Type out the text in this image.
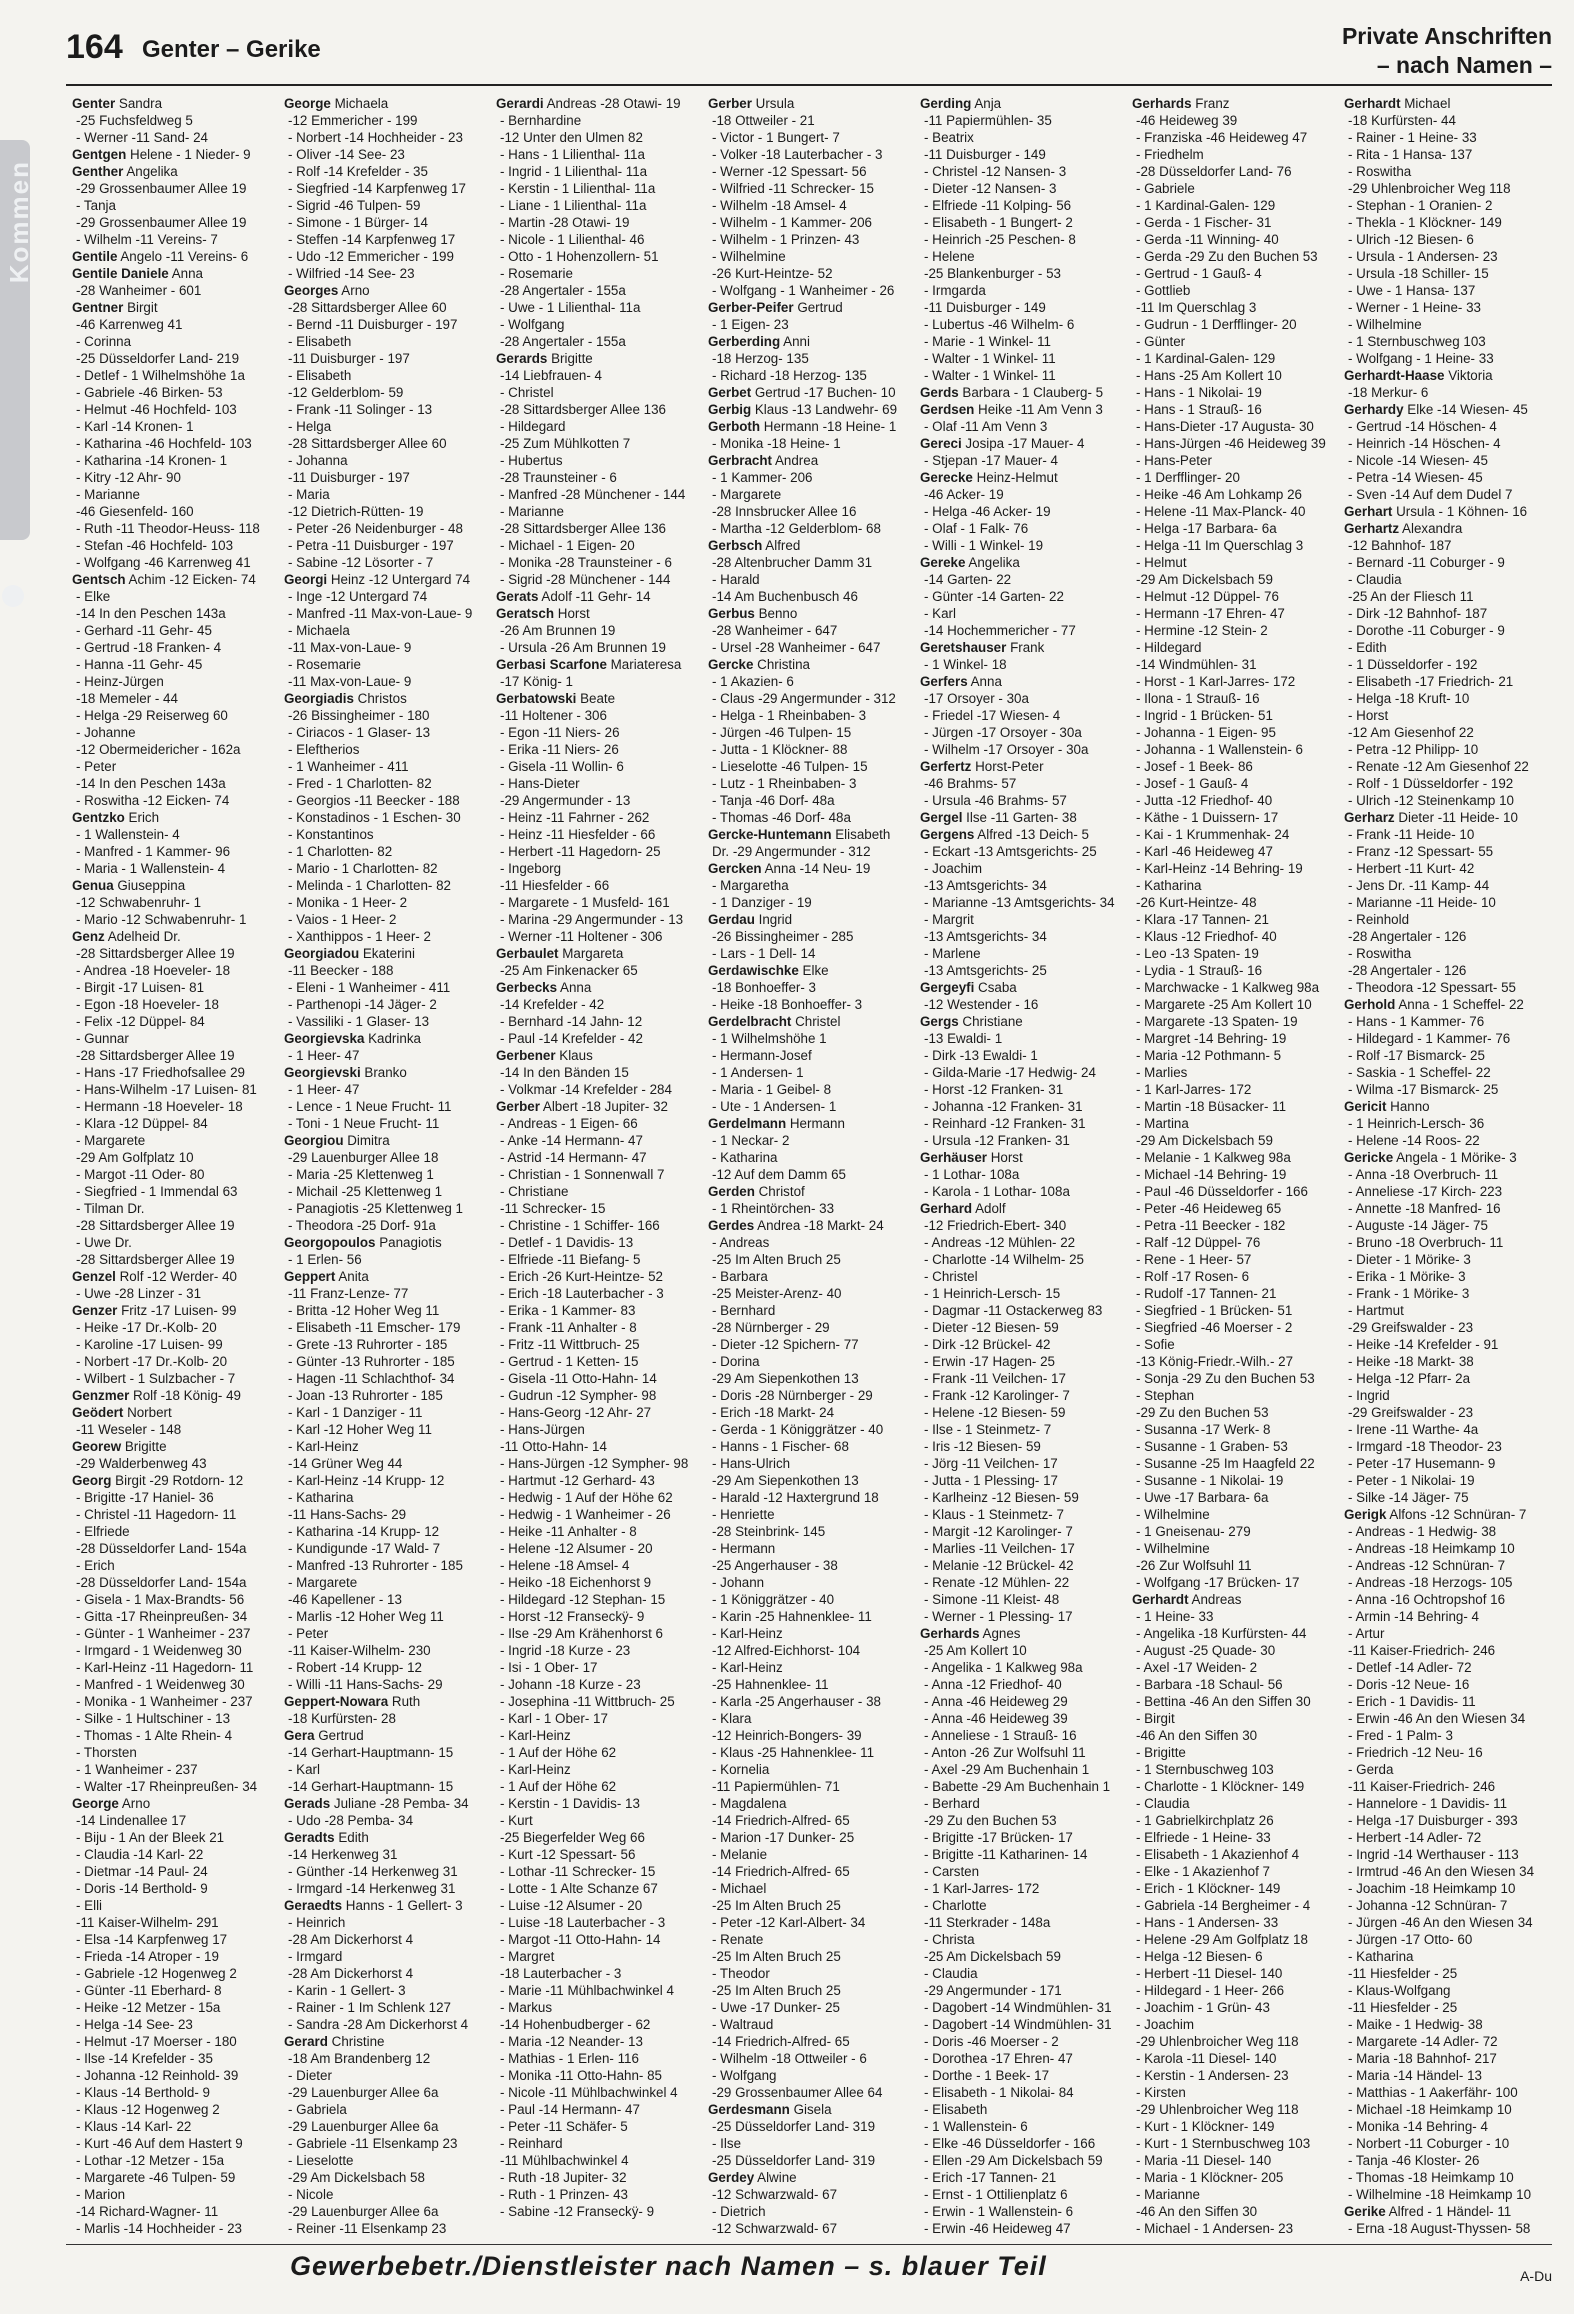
164 Genter – Gerike	Private Anschriften
– nach Namen –
Kommen
Genter Sandra
-25 Fuchsfeldweg 5
- Werner -11 Sand- 24
Gentgen Helene - 1 Nieder- 9
Genther Angelika
-29 Grossenbaumer Allee 19
- Tanja
-29 Grossenbaumer Allee 19
- Wilhelm -11 Vereins- 7
Gentile Angelo -11 Vereins- 6
Gentile Daniele Anna
-28 Wanheimer - 601
Gentner Birgit
-46 Karrenweg 41
- Corinna
-25 Düsseldorfer Land- 219
- Detlef - 1 Wilhelmshöhe 1a
- Gabriele -46 Birken- 53
- Helmut -46 Hochfeld- 103
- Karl -14 Kronen- 1
- Katharina -46 Hochfeld- 103
- Katharina -14 Kronen- 1
- Kitry -12 Ahr- 90
- Marianne
-46 Giesenfeld- 160
- Ruth -11 Theodor-Heuss- 118
- Stefan -46 Hochfeld- 103
- Wolfgang -46 Karrenweg 41
Gentsch Achim -12 Eicken- 74
- Elke
-14 In den Peschen 143a
- Gerhard -11 Gehr- 45
- Gertrud -18 Franken- 4
- Hanna -11 Gehr- 45
- Heinz-Jürgen
-18 Memeler - 44
- Helga -29 Reiserweg 60
- Johanne
-12 Obermeidericher - 162a
- Peter
-14 In den Peschen 143a
- Roswitha -12 Eicken- 74
Gentzko Erich
- 1 Wallenstein- 4
- Manfred - 1 Kammer- 96
- Maria - 1 Wallenstein- 4
Genua Giuseppina
-12 Schwabenruhr- 1
- Mario -12 Schwabenruhr- 1
Genz Adelheid Dr.
-28 Sittardsberger Allee 19
- Andrea -18 Hoeveler- 18
- Birgit -17 Luisen- 81
- Egon -18 Hoeveler- 18
- Felix -12 Düppel- 84
- Gunnar
-28 Sittardsberger Allee 19
- Hans -17 Friedhofsallee 29
- Hans-Wilhelm -17 Luisen- 81
- Hermann -18 Hoeveler- 18
- Klara -12 Düppel- 84
- Margarete
-29 Am Golfplatz 10
- Margot -11 Oder- 80
- Siegfried - 1 Immendal 63
- Tilman Dr.
-28 Sittardsberger Allee 19
- Uwe Dr.
-28 Sittardsberger Allee 19
Genzel Rolf -12 Werder- 40
- Uwe -28 Linzer - 31
Genzer Fritz -17 Luisen- 99
- Heike -17 Dr.-Kolb- 20
- Karoline -17 Luisen- 99
- Norbert -17 Dr.-Kolb- 20
- Wilbert - 1 Sulzbacher - 7
Genzmer Rolf -18 König- 49
Geödert Norbert
-11 Weseler - 148
Georew Brigitte
-29 Walderbenweg 43
Georg Birgit -29 Rotdorn- 12
- Brigitte -17 Haniel- 36
- Christel -11 Hagedorn- 11
- Elfriede
-28 Düsseldorfer Land- 154a
- Erich
-28 Düsseldorfer Land- 154a
- Gisela - 1 Max-Brandts- 56
- Gitta -17 Rheinpreußen- 34
- Günter - 1 Wanheimer - 237
- Irmgard - 1 Weidenweg 30
- Karl-Heinz -11 Hagedorn- 11
- Manfred - 1 Weidenweg 30
- Monika - 1 Wanheimer - 237
- Silke - 1 Hultschiner - 13
- Thomas - 1 Alte Rhein- 4
- Thorsten
- 1 Wanheimer - 237
- Walter -17 Rheinpreußen- 34
George Arno
-14 Lindenallee 17
- Biju - 1 An der Bleek 21
- Claudia -14 Karl- 22
- Dietmar -14 Paul- 24
- Doris -14 Berthold- 9
- Elli
-11 Kaiser-Wilhelm- 291
- Elsa -14 Karpfenweg 17
- Frieda -14 Atroper - 19
- Gabriele -12 Hogenweg 2
- Günter -11 Eberhard- 8
- Heike -12 Metzer - 15a
- Helga -14 See- 23
- Helmut -17 Moerser - 180
- Ilse -14 Krefelder - 35
- Johanna -12 Reinhold- 39
- Klaus -14 Berthold- 9
- Klaus -12 Hogenweg 2
- Klaus -14 Karl- 22
- Kurt -46 Auf dem Hastert 9
- Lothar -12 Metzer - 15a
- Margarete -46 Tulpen- 59
- Marion
-14 Richard-Wagner- 11
- Marlis -14 Hochheider - 23
George Michaela
-12 Emmericher - 199
- Norbert -14 Hochheider - 23
- Oliver -14 See- 23
- Rolf -14 Krefelder - 35
- Siegfried -14 Karpfenweg 17
- Sigrid -46 Tulpen- 59
- Simone - 1 Bürger- 14
- Steffen -14 Karpfenweg 17
- Udo -12 Emmericher - 199
- Wilfried -14 See- 23
Georges Arno
-28 Sittardsberger Allee 60
- Bernd -11 Duisburger - 197
- Elisabeth
-11 Duisburger - 197
- Elisabeth
-12 Gelderblom- 59
- Frank -11 Solinger - 13
- Helga
-28 Sittardsberger Allee 60
- Johanna
-11 Duisburger - 197
- Maria
-12 Dietrich-Rütten- 19
- Peter -26 Neidenburger - 48
- Petra -11 Duisburger - 197
- Sabine -12 Lösorter - 7
Georgi Heinz -12 Untergard 74
- Inge -12 Untergard 74
- Manfred -11 Max-von-Laue- 9
- Michaela
-11 Max-von-Laue- 9
- Rosemarie
-11 Max-von-Laue- 9
Georgiadis Christos
-26 Bissingheimer - 180
- Ciriacos - 1 Glaser- 13
- Eleftherios
- 1 Wanheimer - 411
- Fred - 1 Charlotten- 82
- Georgios -11 Beecker - 188
- Konstadinos - 1 Eschen- 30
- Konstantinos
- 1 Charlotten- 82
- Mario - 1 Charlotten- 82
- Melinda - 1 Charlotten- 82
- Monika - 1 Heer- 2
- Vaios - 1 Heer- 2
- Xanthippos - 1 Heer- 2
Georgiadou Ekaterini
-11 Beecker - 188
- Eleni - 1 Wanheimer - 411
- Parthenopi -14 Jäger- 2
- Vassiliki - 1 Glaser- 13
Georgievska Kadrinka
- 1 Heer- 47
Georgievski Branko
- 1 Heer- 47
- Lence - 1 Neue Frucht- 11
- Toni - 1 Neue Frucht- 11
Georgiou Dimitra
-29 Lauenburger Allee 18
- Maria -25 Klettenweg 1
- Michail -25 Klettenweg 1
- Panagiotis -25 Klettenweg 1
- Theodora -25 Dorf- 91a
Georgopoulos Panagiotis
- 1 Erlen- 56
Geppert Anita
-11 Franz-Lenze- 77
- Britta -12 Hoher Weg 11
- Elisabeth -11 Emscher- 179
- Grete -13 Ruhrorter - 185
- Günter -13 Ruhrorter - 185
- Hagen -11 Schlachthof- 34
- Joan -13 Ruhrorter - 185
- Karl - 1 Danziger - 11
- Karl -12 Hoher Weg 11
- Karl-Heinz
-14 Grüner Weg 44
- Karl-Heinz -14 Krupp- 12
- Katharina
-11 Hans-Sachs- 29
- Katharina -14 Krupp- 12
- Kundigunde -17 Wald- 7
- Manfred -13 Ruhrorter - 185
- Margarete
-46 Kapellener - 13
- Marlis -12 Hoher Weg 11
- Peter
-11 Kaiser-Wilhelm- 230
- Robert -14 Krupp- 12
- Willi -11 Hans-Sachs- 29
Geppert-Nowara Ruth
-18 Kurfürsten- 28
Gera Gertrud
-14 Gerhart-Hauptmann- 15
- Karl
-14 Gerhart-Hauptmann- 15
Gerads Juliane -28 Pemba- 34
- Udo -28 Pemba- 34
Geradts Edith
-14 Herkenweg 31
- Günther -14 Herkenweg 31
- Irmgard -14 Herkenweg 31
Geraedts Hanns - 1 Gellert- 3
- Heinrich
-28 Am Dickerhorst 4
- Irmgard
-28 Am Dickerhorst 4
- Karin - 1 Gellert- 3
- Rainer - 1 Im Schlenk 127
- Sandra -28 Am Dickerhorst 4
Gerard Christine
-18 Am Brandenberg 12
- Dieter
-29 Lauenburger Allee 6a
- Gabriela
-29 Lauenburger Allee 6a
- Gabriele -11 Elsenkamp 23
- Lieselotte
-29 Am Dickelsbach 58
- Nicole
-29 Lauenburger Allee 6a
- Reiner -11 Elsenkamp 23
Gerardi Andreas -28 Otawi- 19
- Bernhardine
-12 Unter den Ulmen 82
- Hans - 1 Lilienthal- 11a
- Ingrid - 1 Lilienthal- 11a
- Kerstin - 1 Lilienthal- 11a
- Liane - 1 Lilienthal- 11a
- Martin -28 Otawi- 19
- Nicole - 1 Lilienthal- 46
- Otto - 1 Hohenzollern- 51
- Rosemarie
-28 Angertaler - 155a
- Uwe - 1 Lilienthal- 11a
- Wolfgang
-28 Angertaler - 155a
Gerards Brigitte
-14 Liebfrauen- 4
- Christel
-28 Sittardsberger Allee 136
- Hildegard
-25 Zum Mühlkotten 7
- Hubertus
-28 Traunsteiner - 6
- Manfred -28 Münchener - 144
- Marianne
-28 Sittardsberger Allee 136
- Michael - 1 Eigen- 20
- Monika -28 Traunsteiner - 6
- Sigrid -28 Münchener - 144
Gerats Adolf -11 Gehr- 14
Geratsch Horst
-26 Am Brunnen 19
- Ursula -26 Am Brunnen 19
Gerbasi Scarfone Mariateresa
-17 König- 1
Gerbatowski Beate
-11 Holtener - 306
- Egon -11 Niers- 26
- Erika -11 Niers- 26
- Gisela -11 Wollin- 6
- Hans-Dieter
-29 Angermunder - 13
- Heinz -11 Fahrner - 262
- Heinz -11 Hiesfelder - 66
- Herbert -11 Hagedorn- 25
- Ingeborg
-11 Hiesfelder - 66
- Margarete - 1 Musfeld- 161
- Marina -29 Angermunder - 13
- Werner -11 Holtener - 306
Gerbaulet Margareta
-25 Am Finkenacker 65
Gerbecks Anna
-14 Krefelder - 42
- Bernhard -14 Jahn- 12
- Paul -14 Krefelder - 42
Gerbener Klaus
-14 In den Bänden 15
- Volkmar -14 Krefelder - 284
Gerber Albert -18 Jupiter- 32
- Andreas - 1 Eigen- 66
- Anke -14 Hermann- 47
- Astrid -14 Hermann- 47
- Christian - 1 Sonnenwall 7
- Christiane
-11 Schrecker- 15
- Christine - 1 Schiffer- 166
- Detlef - 1 Davidis- 13
- Elfriede -11 Biefang- 5
- Erich -26 Kurt-Heintze- 52
- Erich -18 Lauterbacher - 3
- Erika - 1 Kammer- 83
- Frank -11 Anhalter - 8
- Fritz -11 Wittbruch- 25
- Gertrud - 1 Ketten- 15
- Gisela -11 Otto-Hahn- 14
- Gudrun -12 Sympher- 98
- Hans-Georg -12 Ahr- 27
- Hans-Jürgen
-11 Otto-Hahn- 14
- Hans-Jürgen -12 Sympher- 98
- Hartmut -12 Gerhard- 43
- Hedwig - 1 Auf der Höhe 62
- Hedwig - 1 Wanheimer - 26
- Heike -11 Anhalter - 8
- Helene -12 Alsumer - 20
- Helene -18 Amsel- 4
- Heiko -18 Eichenhorst 9
- Hildegard -12 Stephan- 15
- Horst -12 Franseckÿ- 9
- Ilse -29 Am Krähenhorst 6
- Ingrid -18 Kurze - 23
- Isi - 1 Ober- 17
- Johann -18 Kurze - 23
- Josephina -11 Wittbruch- 25
- Karl - 1 Ober- 17
- Karl-Heinz
- 1 Auf der Höhe 62
- Karl-Heinz
- 1 Auf der Höhe 62
- Kerstin - 1 Davidis- 13
- Kurt
-25 Biegerfelder Weg 66
- Kurt -12 Spessart- 56
- Lothar -11 Schrecker- 15
- Lotte - 1 Alte Schanze 67
- Luise -12 Alsumer - 20
- Luise -18 Lauterbacher - 3
- Margot -11 Otto-Hahn- 14
- Margret
-18 Lauterbacher - 3
- Marie -11 Mühlbachwinkel 4
- Markus
-14 Hohenbudberger - 62
- Maria -12 Neander- 13
- Mathias - 1 Erlen- 116
- Monika -11 Otto-Hahn- 85
- Nicole -11 Mühlbachwinkel 4
- Paul -14 Hermann- 47
- Peter -11 Schäfer- 5
- Reinhard
-11 Mühlbachwinkel 4
- Ruth -18 Jupiter- 32
- Ruth - 1 Prinzen- 43
- Sabine -12 Franseckÿ- 9
Gerber Ursula
-18 Ottweiler - 21
- Victor - 1 Bungert- 7
- Volker -18 Lauterbacher - 3
- Werner -12 Spessart- 56
- Wilfried -11 Schrecker- 15
- Wilhelm -18 Amsel- 4
- Wilhelm - 1 Kammer- 206
- Wilhelm - 1 Prinzen- 43
- Wilhelmine
-26 Kurt-Heintze- 52
- Wolfgang - 1 Wanheimer - 26
Gerber-Peifer Gertrud
- 1 Eigen- 23
Gerberding Anni
-18 Herzog- 135
- Richard -18 Herzog- 135
Gerbet Gertrud -17 Buchen- 10
Gerbig Klaus -13 Landwehr- 69
Gerboth Hermann -18 Heine- 1
- Monika -18 Heine- 1
Gerbracht Andrea
- 1 Kammer- 206
- Margarete
-28 Innsbrucker Allee 16
- Martha -12 Gelderblom- 68
Gerbsch Alfred
-28 Altenbrucher Damm 31
- Harald
-14 Am Buchenbusch 46
Gerbus Benno
-28 Wanheimer - 647
- Ursel -28 Wanheimer - 647
Gercke Christina
- 1 Akazien- 6
- Claus -29 Angermunder - 312
- Helga - 1 Rheinbaben- 3
- Jürgen -46 Tulpen- 15
- Jutta - 1 Klöckner- 88
- Lieselotte -46 Tulpen- 15
- Lutz - 1 Rheinbaben- 3
- Tanja -46 Dorf- 48a
- Thomas -46 Dorf- 48a
Gercke-Huntemann Elisabeth
Dr. -29 Angermunder - 312
Gercken Anna -14 Neu- 19
- Margaretha
- 1 Danziger - 19
Gerdau Ingrid
-26 Bissingheimer - 285
- Lars - 1 Dell- 14
Gerdawischke Elke
-18 Bonhoeffer- 3
- Heike -18 Bonhoeffer- 3
Gerdelbracht Christel
- 1 Wilhelmshöhe 1
- Hermann-Josef
- 1 Andersen- 1
- Maria - 1 Geibel- 8
- Ute - 1 Andersen- 1
Gerdelmann Hermann
- 1 Neckar- 2
- Katharina
-12 Auf dem Damm 65
Gerden Christof
- 1 Rheintörchen- 33
Gerdes Andrea -18 Markt- 24
- Andreas
-25 Im Alten Bruch 25
- Barbara
-25 Meister-Arenz- 40
- Bernhard
-28 Nürnberger - 29
- Dieter -12 Spichern- 77
- Dorina
-29 Am Siepenkothen 13
- Doris -28 Nürnberger - 29
- Erich -18 Markt- 24
- Gerda - 1 Königgrätzer - 40
- Hanns - 1 Fischer- 68
- Hans-Ulrich
-29 Am Siepenkothen 13
- Harald -12 Haxtergrund 18
- Henriette
-28 Steinbrink- 145
- Hermann
-25 Angerhauser - 38
- Johann
- 1 Königgrätzer - 40
- Karin -25 Hahnenklee- 11
- Karl-Heinz
-12 Alfred-Eichhorst- 104
- Karl-Heinz
-25 Hahnenklee- 11
- Karla -25 Angerhauser - 38
- Klara
-12 Heinrich-Bongers- 39
- Klaus -25 Hahnenklee- 11
- Kornelia
-11 Papiermühlen- 71
- Magdalena
-14 Friedrich-Alfred- 65
- Marion -17 Dunker- 25
- Melanie
-14 Friedrich-Alfred- 65
- Michael
-25 Im Alten Bruch 25
- Peter -12 Karl-Albert- 34
- Renate
-25 Im Alten Bruch 25
- Theodor
-25 Im Alten Bruch 25
- Uwe -17 Dunker- 25
- Waltraud
-14 Friedrich-Alfred- 65
- Wilhelm -18 Ottweiler - 6
- Wolfgang
-29 Grossenbaumer Allee 64
Gerdesmann Gisela
-25 Düsseldorfer Land- 319
- Ilse
-25 Düsseldorfer Land- 319
Gerdey Alwine
-12 Schwarzwald- 67
- Dietrich
-12 Schwarzwald- 67
Gerding Anja
-11 Papiermühlen- 35
- Beatrix
-11 Duisburger - 149
- Christel -12 Nansen- 3
- Dieter -12 Nansen- 3
- Elfriede -11 Kolping- 56
- Elisabeth - 1 Bungert- 2
- Heinrich -25 Peschen- 8
- Helene
-25 Blankenburger - 53
- Irmgarda
-11 Duisburger - 149
- Lubertus -46 Wilhelm- 6
- Marie - 1 Winkel- 11
- Walter - 1 Winkel- 11
- Walter - 1 Winkel- 11
Gerds Barbara - 1 Clauberg- 5
Gerdsen Heike -11 Am Venn 3
- Olaf -11 Am Venn 3
Gereci Josipa -17 Mauer- 4
- Stjepan -17 Mauer- 4
Gerecke Heinz-Helmut
-46 Acker- 19
- Helga -46 Acker- 19
- Olaf - 1 Falk- 76
- Willi - 1 Winkel- 19
Gereke Angelika
-14 Garten- 22
- Günter -14 Garten- 22
- Karl
-14 Hochemmericher - 77
Geretshauser Frank
- 1 Winkel- 18
Gerfers Anna
-17 Orsoyer - 30a
- Friedel -17 Wiesen- 4
- Jürgen -17 Orsoyer - 30a
- Wilhelm -17 Orsoyer - 30a
Gerfertz Horst-Peter
-46 Brahms- 57
- Ursula -46 Brahms- 57
Gergel Ilse -11 Garten- 38
Gergens Alfred -13 Deich- 5
- Eckart -13 Amtsgerichts- 25
- Joachim
-13 Amtsgerichts- 34
- Marianne -13 Amtsgerichts- 34
- Margrit
-13 Amtsgerichts- 34
- Marlene
-13 Amtsgerichts- 25
Gergeyfi Csaba
-12 Westender - 16
Gergs Christiane
-13 Ewaldi- 1
- Dirk -13 Ewaldi- 1
- Gilda-Marie -17 Hedwig- 24
- Horst -12 Franken- 31
- Johanna -12 Franken- 31
- Reinhard -12 Franken- 31
- Ursula -12 Franken- 31
Gerhäuser Horst
- 1 Lothar- 108a
- Karola - 1 Lothar- 108a
Gerhard Adolf
-12 Friedrich-Ebert- 340
- Andreas -12 Mühlen- 22
- Charlotte -14 Wilhelm- 25
- Christel
- 1 Heinrich-Lersch- 15
- Dagmar -11 Ostackerweg 83
- Dieter -12 Biesen- 59
- Dirk -12 Brückel- 42
- Erwin -17 Hagen- 25
- Frank -11 Veilchen- 17
- Frank -12 Karolinger- 7
- Helene -12 Biesen- 59
- Ilse - 1 Steinmetz- 7
- Iris -12 Biesen- 59
- Jörg -11 Veilchen- 17
- Jutta - 1 Plessing- 17
- Karlheinz -12 Biesen- 59
- Klaus - 1 Steinmetz- 7
- Margit -12 Karolinger- 7
- Marlies -11 Veilchen- 17
- Melanie -12 Brückel- 42
- Renate -12 Mühlen- 22
- Simone -11 Kleist- 48
- Werner - 1 Plessing- 17
Gerhards Agnes
-25 Am Kollert 10
- Angelika - 1 Kalkweg 98a
- Anna -12 Friedhof- 40
- Anna -46 Heideweg 29
- Anna -46 Heideweg 39
- Anneliese - 1 Strauß- 16
- Anton -26 Zur Wolfsuhl 11
- Axel -29 Am Buchenhain 1
- Babette -29 Am Buchenhain 1
- Berhard
-29 Zu den Buchen 53
- Brigitte -17 Brücken- 17
- Brigitte -11 Katharinen- 14
- Carsten
- 1 Karl-Jarres- 172
- Charlotte
-11 Sterkrader - 148a
- Christa
-25 Am Dickelsbach 59
- Claudia
-29 Angermunder - 171
- Dagobert -14 Windmühlen- 31
- Dagobert -14 Windmühlen- 31
- Doris -46 Moerser - 2
- Dorothea -17 Ehren- 47
- Dorthe - 1 Beek- 17
- Elisabeth - 1 Nikolai- 84
- Elisabeth
- 1 Wallenstein- 6
- Elke -46 Düsseldorfer - 166
- Ellen -29 Am Dickelsbach 59
- Erich -17 Tannen- 21
- Ernst - 1 Ottilienplatz 6
- Erwin - 1 Wallenstein- 6
- Erwin -46 Heideweg 47
Gerhards Franz
-46 Heideweg 39
- Franziska -46 Heideweg 47
- Friedhelm
-28 Düsseldorfer Land- 76
- Gabriele
- 1 Kardinal-Galen- 129
- Gerda - 1 Fischer- 31
- Gerda -11 Winning- 40
- Gerda -29 Zu den Buchen 53
- Gertrud - 1 Gauß- 4
- Gottlieb
-11 Im Querschlag 3
- Gudrun - 1 Derfflinger- 20
- Günter
- 1 Kardinal-Galen- 129
- Hans -25 Am Kollert 10
- Hans - 1 Nikolai- 19
- Hans - 1 Strauß- 16
- Hans-Dieter -17 Augusta- 30
- Hans-Jürgen -46 Heideweg 39
- Hans-Peter
- 1 Derfflinger- 20
- Heike -46 Am Lohkamp 26
- Helene -11 Max-Planck- 40
- Helga -17 Barbara- 6a
- Helga -11 Im Querschlag 3
- Helmut
-29 Am Dickelsbach 59
- Helmut -12 Düppel- 76
- Hermann -17 Ehren- 47
- Hermine -12 Stein- 2
- Hildegard
-14 Windmühlen- 31
- Horst - 1 Karl-Jarres- 172
- Ilona - 1 Strauß- 16
- Ingrid - 1 Brücken- 51
- Johanna - 1 Eigen- 95
- Johanna - 1 Wallenstein- 6
- Josef - 1 Beek- 86
- Josef - 1 Gauß- 4
- Jutta -12 Friedhof- 40
- Käthe - 1 Duissern- 17
- Kai - 1 Krummenhak- 24
- Karl -46 Heideweg 47
- Karl-Heinz -14 Behring- 19
- Katharina
-26 Kurt-Heintze- 48
- Klara -17 Tannen- 21
- Klaus -12 Friedhof- 40
- Leo -13 Spaten- 19
- Lydia - 1 Strauß- 16
- Marchwacke - 1 Kalkweg 98a
- Margarete -25 Am Kollert 10
- Margarete -13 Spaten- 19
- Margret -14 Behring- 19
- Maria -12 Pothmann- 5
- Marlies
- 1 Karl-Jarres- 172
- Martin -18 Büsacker- 11
- Martina
-29 Am Dickelsbach 59
- Melanie - 1 Kalkweg 98a
- Michael -14 Behring- 19
- Paul -46 Düsseldorfer - 166
- Peter -46 Heideweg 65
- Petra -11 Beecker - 182
- Ralf -12 Düppel- 76
- Rene - 1 Heer- 57
- Rolf -17 Rosen- 6
- Rudolf -17 Tannen- 21
- Siegfried - 1 Brücken- 51
- Siegfried -46 Moerser - 2
- Sofie
-13 König-Friedr.-Wilh.- 27
- Sonja -29 Zu den Buchen 53
- Stephan
-29 Zu den Buchen 53
- Susanna -17 Werk- 8
- Susanne - 1 Graben- 53
- Susanne -25 Im Haagfeld 22
- Susanne - 1 Nikolai- 19
- Uwe -17 Barbara- 6a
- Wilhelmine
- 1 Gneisenau- 279
- Wilhelmine
-26 Zur Wolfsuhl 11
- Wolfgang -17 Brücken- 17
Gerhardt Andreas
- 1 Heine- 33
- Angelika -18 Kurfürsten- 44
- August -25 Quade- 30
- Axel -17 Weiden- 2
- Barbara -18 Schaul- 56
- Bettina -46 An den Siffen 30
- Birgit
-46 An den Siffen 30
- Brigitte
- 1 Sternbuschweg 103
- Charlotte - 1 Klöckner- 149
- Claudia
- 1 Gabrielkirchplatz 26
- Elfriede - 1 Heine- 33
- Elisabeth - 1 Akazienhof 4
- Elke - 1 Akazienhof 7
- Erich - 1 Klöckner- 149
- Gabriela -14 Bergheimer - 4
- Hans - 1 Andersen- 33
- Helene -29 Am Golfplatz 18
- Helga -12 Biesen- 6
- Herbert -11 Diesel- 140
- Hildegard - 1 Heer- 266
- Joachim - 1 Grün- 43
- Joachim
-29 Uhlenbroicher Weg 118
- Karola -11 Diesel- 140
- Kerstin - 1 Andersen- 23
- Kirsten
-29 Uhlenbroicher Weg 118
- Kurt - 1 Klöckner- 149
- Kurt - 1 Sternbuschweg 103
- Maria -11 Diesel- 140
- Maria - 1 Klöckner- 205
- Marianne
-46 An den Siffen 30
- Michael - 1 Andersen- 23
Gerhardt Michael
-18 Kurfürsten- 44
- Rainer - 1 Heine- 33
- Rita - 1 Hansa- 137
- Roswitha
-29 Uhlenbroicher Weg 118
- Stephan - 1 Oranien- 2
- Thekla - 1 Klöckner- 149
- Ulrich -12 Biesen- 6
- Ursula - 1 Andersen- 23
- Ursula -18 Schiller- 15
- Uwe - 1 Hansa- 137
- Werner - 1 Heine- 33
- Wilhelmine
- 1 Sternbuschweg 103
- Wolfgang - 1 Heine- 33
Gerhardt-Haase Viktoria
-18 Merkur- 6
Gerhardy Elke -14 Wiesen- 45
- Gertrud -14 Höschen- 4
- Heinrich -14 Höschen- 4
- Nicole -14 Wiesen- 45
- Petra -14 Wiesen- 45
- Sven -14 Auf dem Dudel 7
Gerhart Ursula - 1 Köhnen- 16
Gerhartz Alexandra
-12 Bahnhof- 187
- Bernard -11 Coburger - 9
- Claudia
-25 An der Fliesch 11
- Dirk -12 Bahnhof- 187
- Dorothe -11 Coburger - 9
- Edith
- 1 Düsseldorfer - 192
- Elisabeth -17 Friedrich- 21
- Helga -18 Kruft- 10
- Horst
-12 Am Giesenhof 22
- Petra -12 Philipp- 10
- Renate -12 Am Giesenhof 22
- Rolf - 1 Düsseldorfer - 192
- Ulrich -12 Steinenkamp 10
Gerharz Dieter -11 Heide- 10
- Frank -11 Heide- 10
- Franz -12 Spessart- 55
- Herbert -11 Kurt- 42
- Jens Dr. -11 Kamp- 44
- Marianne -11 Heide- 10
- Reinhold
-28 Angertaler - 126
- Roswitha
-28 Angertaler - 126
- Theodora -12 Spessart- 55
Gerhold Anna - 1 Scheffel- 22
- Hans - 1 Kammer- 76
- Hildegard - 1 Kammer- 76
- Rolf -17 Bismarck- 25
- Saskia - 1 Scheffel- 22
- Wilma -17 Bismarck- 25
Gericit Hanno
- 1 Heinrich-Lersch- 36
- Helene -14 Roos- 22
Gericke Angela - 1 Mörike- 3
- Anna -18 Overbruch- 11
- Anneliese -17 Kirch- 223
- Annette -18 Manfred- 16
- Auguste -14 Jäger- 75
- Bruno -18 Overbruch- 11
- Dieter - 1 Mörike- 3
- Erika - 1 Mörike- 3
- Frank - 1 Mörike- 3
- Hartmut
-29 Greifswalder - 23
- Heike -14 Krefelder - 91
- Heike -18 Markt- 38
- Helga -12 Pfarr- 2a
- Ingrid
-29 Greifswalder - 23
- Irene -11 Warthe- 4a
- Irmgard -18 Theodor- 23
- Peter -17 Husemann- 9
- Peter - 1 Nikolai- 19
- Silke -14 Jäger- 75
Gerigk Alfons -12 Schnüran- 7
- Andreas - 1 Hedwig- 38
- Andreas -18 Heimkamp 10
- Andreas -12 Schnüran- 7
- Andreas -18 Herzogs- 105
- Anna -16 Ochtropshof 16
- Armin -14 Behring- 4
- Artur
-11 Kaiser-Friedrich- 246
- Detlef -14 Adler- 72
- Doris -12 Neue- 16
- Erich - 1 Davidis- 11
- Erwin -46 An den Wiesen 34
- Fred - 1 Palm- 3
- Friedrich -12 Neu- 16
- Gerda
-11 Kaiser-Friedrich- 246
- Hannelore - 1 Davidis- 11
- Helga -17 Duisburger - 393
- Herbert -14 Adler- 72
- Ingrid -14 Werthauser - 113
- Irmtrud -46 An den Wiesen 34
- Joachim -18 Heimkamp 10
- Johanna -12 Schnüran- 7
- Jürgen -46 An den Wiesen 34
- Jürgen -17 Otto- 60
- Katharina
-11 Hiesfelder - 25
- Klaus-Wolfgang
-11 Hiesfelder - 25
- Maike - 1 Hedwig- 38
- Margarete -14 Adler- 72
- Maria -18 Bahnhof- 217
- Maria -14 Händel- 13
- Matthias - 1 Aakerfähr- 100
- Michael -18 Heimkamp 10
- Monika -14 Behring- 4
- Norbert -11 Coburger - 10
- Tanja -46 Kloster- 26
- Thomas -18 Heimkamp 10
- Wilhelmine -18 Heimkamp 10
Gerike Alfred - 1 Händel- 11
- Erna -18 August-Thyssen- 58
Gewerbebetr./Dienstleister nach Namen – s. blauer Teil	A-Du
